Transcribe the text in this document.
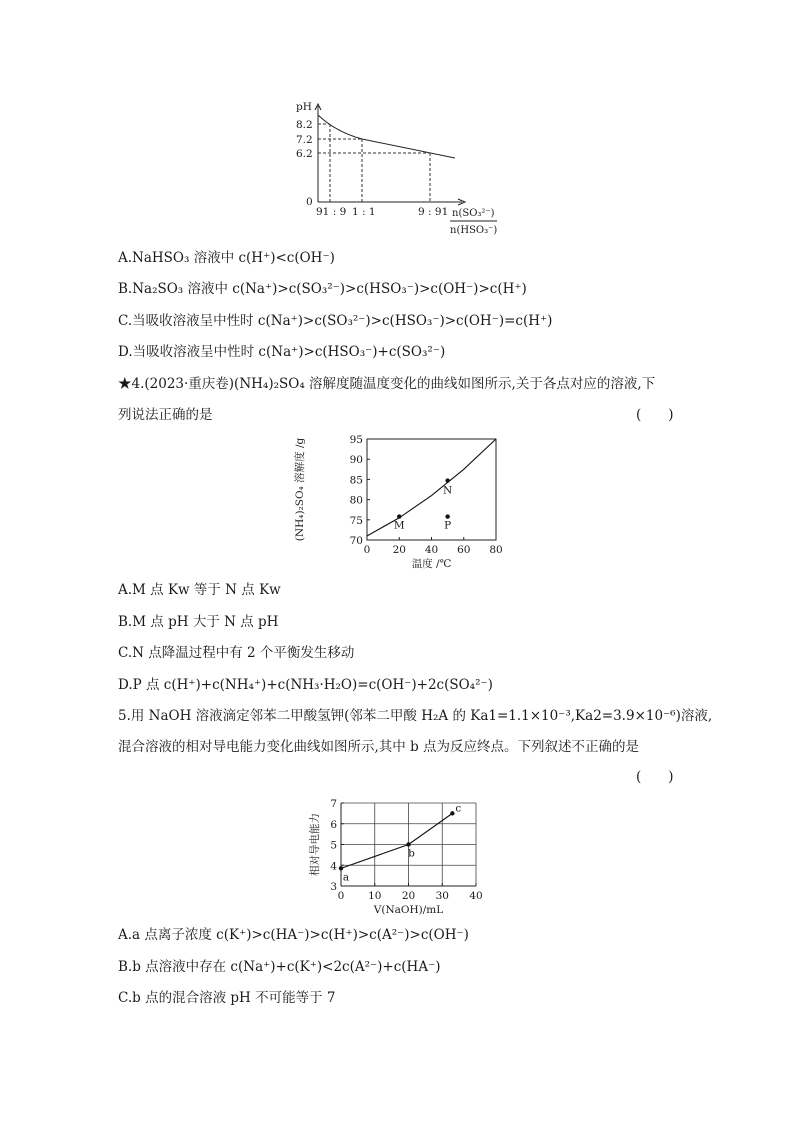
pH
8.2
7.2
6.2
0
91 : 9 1 : 1	9 : 91 n(SO₃²⁻)
n(HSO₃⁻)
A.NaHSO₃ 溶液中 c(H⁺)<c(OH⁻)
B.Na₂SO₃ 溶液中 c(Na⁺)>c(SO₃²⁻)>c(HSO₃⁻)>c(OH⁻)>c(H⁺)
C.当吸收溶液呈中性时 c(Na⁺)>c(SO₃²⁻)>c(HSO₃⁻)>c(OH⁻)=c(H⁺)
D.当吸收溶液呈中性时 c(Na⁺)>c(HSO₃⁻)+c(SO₃²⁻)
★4.(2023·重庆卷)(NH₄)₂SO₄ 溶解度随温度变化的曲线如图所示,关于各点对应的溶液,下
列说法正确的是	(　　)
0 20 40 60 80
70
75
80
85
90
95
M
N
P
温度 /℃
(NH₄)₂SO₄ 溶解度 /g
A.M 点 Kw 等于 N 点 Kw
B.M 点 pH 大于 N 点 pH
C.N 点降温过程中有 2 个平衡发生移动
D.P 点 c(H⁺)+c(NH₄⁺)+c(NH₃·H₂O)=c(OH⁻)+2c(SO₄²⁻)
5.用 NaOH 溶液滴定邻苯二甲酸氢钾(邻苯二甲酸 H₂A 的 Ka1=1.1×10⁻³,Ka2=3.9×10⁻⁶)溶液,
混合溶液的相对导电能力变化曲线如图所示,其中 b 点为反应终点。下列叙述不正确的是
(　　)
0 10 20 30 40
3
4
5
6
7
a
b
c
V(NaOH)/mL
相对导电能力
A.a 点离子浓度 c(K⁺)>c(HA⁻)>c(H⁺)>c(A²⁻)>c(OH⁻)
B.b 点溶液中存在 c(Na⁺)+c(K⁺)<2c(A²⁻)+c(HA⁻)
C.b 点的混合溶液 pH 不可能等于 7
